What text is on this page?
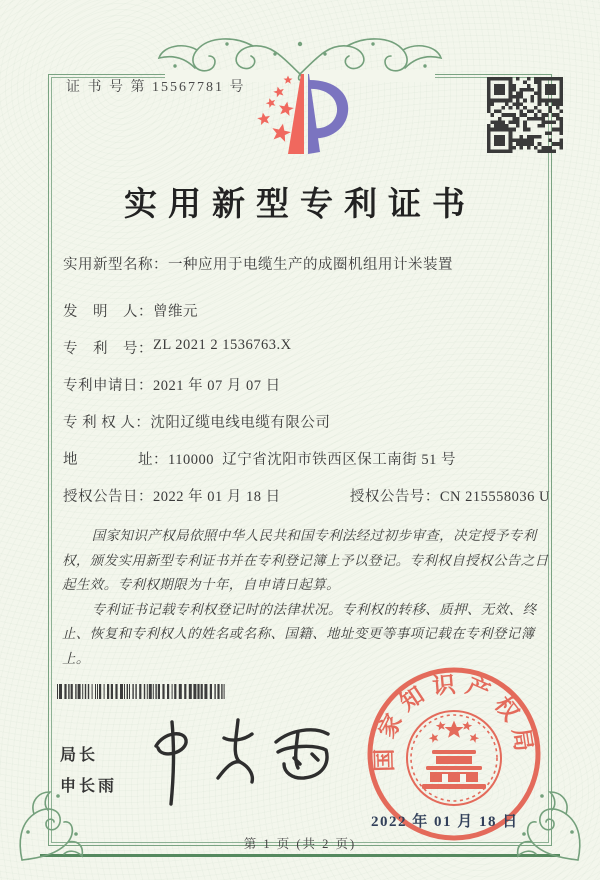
证 书 号 第 15567781 号
实用新型专利证书
实用新型名称： 一种应用于电缆生产的成圈机组用计米装置
发　明　人： 曾维元
专　利　号： ZL 2021 2 1536763.X
专利申请日： 2021 年 07 月 07 日
专 利 权 人： 沈阳辽缆电线电缆有限公司
地　　　　址： 110000  辽宁省沈阳市铁西区保工南街 51 号
授权公告日：2022 年 01 月 18 日	授权公告号：CN 215558036 U

国家知识产权局依照中华人民共和国专利法经过初步审查，决定授予专利权，颁发实用新型专利证书并在专利登记簿上予以登记。专利权自授权公告之日起生效。专利权期限为十年，自申请日起算。

专利证书记载专利权登记时的法律状况。专利权的转移、质押、无效、终止、恢复和专利权人的姓名或名称、国籍、地址变更等事项记载在专利登记簿上。

局长
申长雨
国家知识产权局
2022 年 01 月 18 日
第 1 页 (共 2 页)
